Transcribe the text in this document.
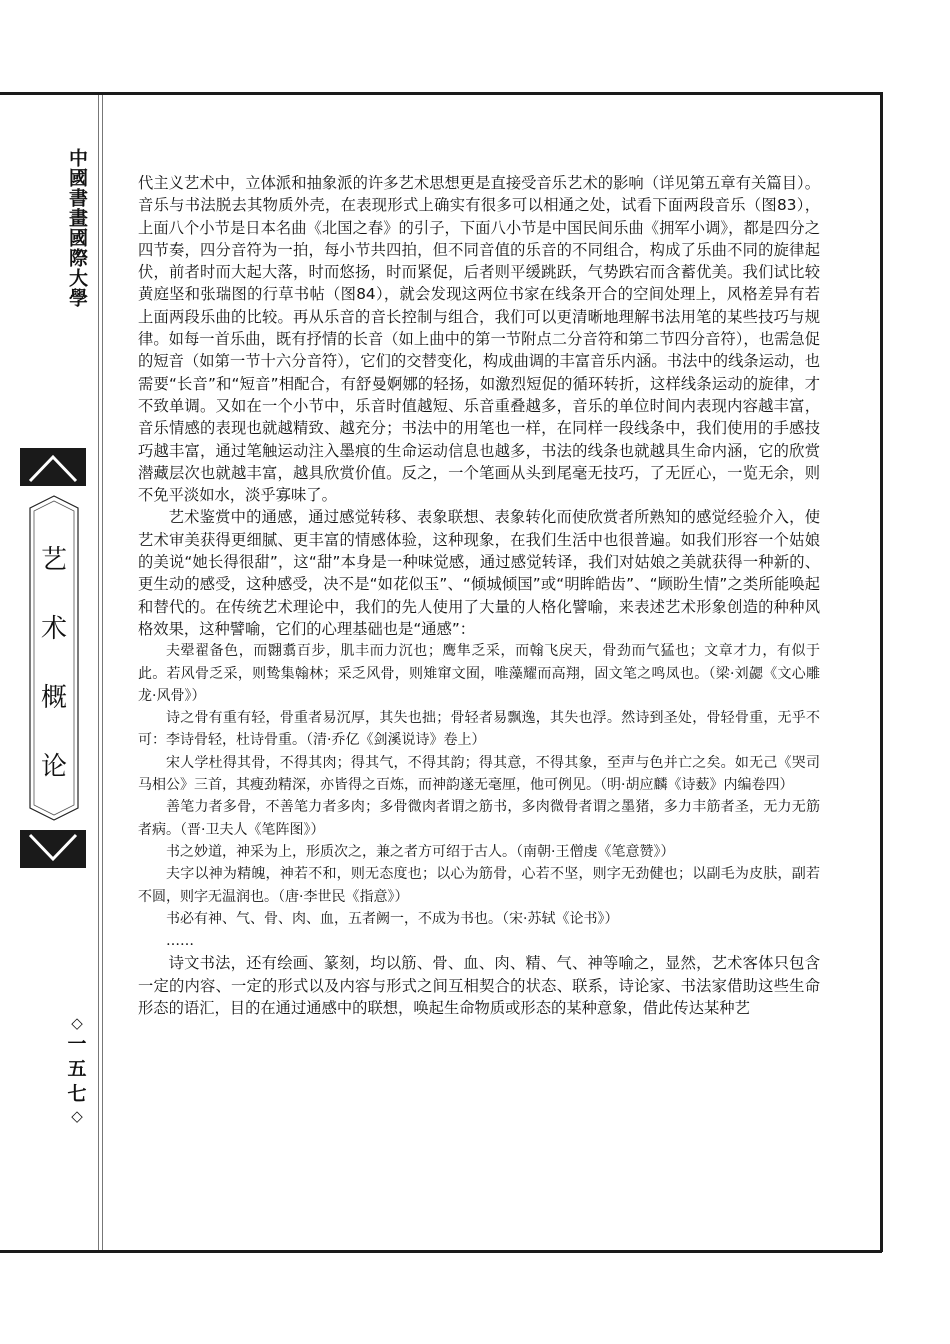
中國書畫國際大學
艺
术
概
论
◇
一
五
七
◇

代主义艺术中，立体派和抽象派的许多艺术思想更是直接受音乐艺术的影响（详见第五章有关篇目）。音乐与书法脱去其物质外壳，在表现形式上确实有很多可以相通之处，试看下面两段音乐（图83），上面八个小节是日本名曲《北国之春》的引子，下面八小节是中国民间乐曲《拥军小调》，都是四分之四节奏，四分音符为一拍，每小节共四拍，但不同音值的乐音的不同组合，构成了乐曲不同的旋律起伏，前者时而大起大落，时而悠扬，时而紧促，后者则平缓跳跃，气势跌宕而含蓄优美。我们试比较黄庭坚和张瑞图的行草书帖（图84），就会发现这两位书家在线条开合的空间处理上，风格差异有若上面两段乐曲的比较。再从乐音的音长控制与组合，我们可以更清晰地理解书法用笔的某些技巧与规律。如每一首乐曲，既有抒情的长音（如上曲中的第一节附点二分音符和第二节四分音符），也需急促的短音（如第一节十六分音符），它们的交替变化，构成曲调的丰富音乐内涵。书法中的线条运动，也需要“长音”和“短音”相配合，有舒曼婀娜的轻扬，如激烈短促的循环转折，这样线条运动的旋律，才不致单调。又如在一个小节中，乐音时值越短、乐音重叠越多，音乐的单位时间内表现内容越丰富，音乐情感的表现也就越精致、越充分；书法中的用笔也一样，在同样一段线条中，我们使用的手感技巧越丰富，通过笔触运动注入墨痕的生命运动信息也越多，书法的线条也就越具生命内涵，它的欣赏潜藏层次也就越丰富，越具欣赏价值。反之，一个笔画从头到尾毫无技巧，了无匠心，一览无余，则不免平淡如水，淡乎寡味了。

艺术鉴赏中的通感，通过感觉转移、表象联想、表象转化而使欣赏者所熟知的感觉经验介入，使艺术审美获得更细腻、更丰富的情感体验，这种现象，在我们生活中也很普遍。如我们形容一个姑娘的美说“她长得很甜”，这“甜”本身是一种味觉感，通过感觉转译，我们对姑娘之美就获得一种新的、更生动的感受，这种感受，决不是“如花似玉”、“倾城倾国”或“明眸皓齿”、“顾盼生情”之类所能唤起和替代的。在传统艺术理论中，我们的先人使用了大量的人格化譬喻，来表述艺术形象创造的种种风格效果，这种譬喻，它们的心理基础也是“通感”：

夫翚翟备色，而翾翥百步，肌丰而力沉也；鹰隼乏采，而翰飞戾天，骨劲而气猛也；文章才力，有似于此。若风骨乏采，则鸷集翰林；采乏风骨，则雉窜文囿，唯藻耀而高翔，固文笔之鸣凤也。（梁·刘勰《文心雕龙·风骨》）

诗之骨有重有轻，骨重者易沉厚，其失也拙；骨轻者易飘逸，其失也浮。然诗到圣处，骨轻骨重，无乎不可：李诗骨轻，杜诗骨重。（清·乔亿《剑溪说诗》卷上）

宋人学杜得其骨，不得其肉；得其气，不得其韵；得其意，不得其象，至声与色并亡之矣。如无己《哭司马相公》三首，其瘦劲精深，亦皆得之百炼，而神韵遂无毫厘，他可例见。（明·胡应麟《诗薮》内编卷四）

善笔力者多骨，不善笔力者多肉；多骨微肉者谓之筋书，多肉微骨者谓之墨猪，多力丰筋者圣，无力无筋者病。（晋·卫夫人《笔阵图》）

书之妙道，神采为上，形质次之，兼之者方可绍于古人。（南朝·王僧虔《笔意赞》）

夫字以神为精魄，神若不和，则无态度也；以心为筋骨，心若不坚，则字无劲健也；以副毛为皮肤，副若不圆，则字无温润也。（唐·李世民《指意》）

书必有神、气、骨、肉、血，五者阙一，不成为书也。（宋·苏轼《论书》）

……

诗文书法，还有绘画、篆刻，均以筋、骨、血、肉、精、气、神等喻之，显然，艺术客体只包含一定的内容、一定的形式以及内容与形式之间互相契合的状态、联系，诗论家、书法家借助这些生命形态的语汇，目的在通过通感中的联想，唤起生命物质或形态的某种意象，借此传达某种艺
